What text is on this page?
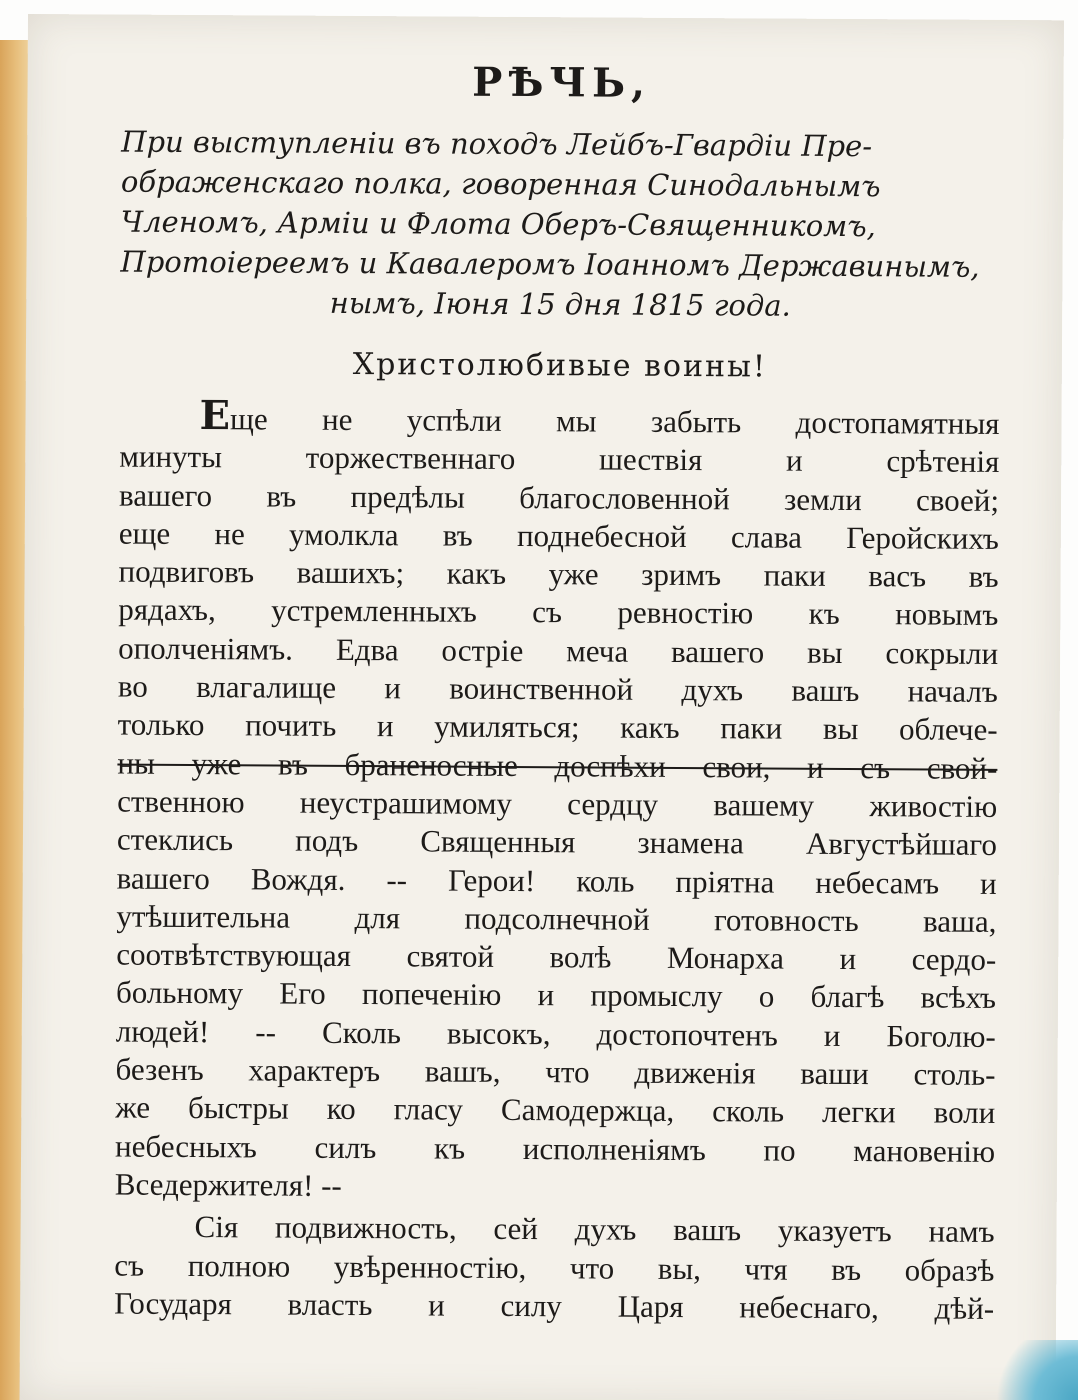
РѢЧЬ,
При выступленіи въ походъ Лейбъ-Гвардіи Пре-
ображенскаго полка, говоренная Синодальнымъ
Членомъ, Арміи и Флота Оберъ-Священникомъ,
Протоіереемъ и Кавалеромъ Іоанномъ Державинымъ,
нымъ, Іюня 15 дня 1815 года.
Христолюбивые воины!
Еще не успѣли мы забыть достопамятныя
минуты торжественнаго шествія и срѣтенія
вашего въ предѣлы благословенной земли своей;
еще не умолкла въ поднебесной слава Геройскихъ
подвиговъ вашихъ; какъ уже зримъ паки васъ въ
рядахъ, устремленныхъ съ ревностію къ новымъ
ополченіямъ. Едва остріе меча вашего вы сокрыли
во влагалище и воинственной духъ вашъ началъ
только почить и умиляться; какъ паки вы облече-
ны уже въ браненосные доспѣхи свои, и съ свой-
ственною неустрашимому сердцу вашему живостію
стеклись подъ Священныя знамена Августѣйшаго
вашего Вождя. -- Герои! коль пріятна небесамъ и
утѣшительна для подсолнечной готовность ваша,
соотвѣтствующая святой волѣ Монарха и сердо-
больному Его попеченію и промыслу о благѣ всѣхъ
людей! -- Сколь высокъ, достопочтенъ и Боголю-
безенъ характеръ вашъ, что движенія ваши столь-
же быстры ко гласу Самодержца, сколь легки воли
небесныхъ силъ къ исполненіямъ по мановенію
Вседержителя! --
Сія подвижность, сей духъ вашъ указуетъ намъ
съ полною увѣренностію, что вы, чтя въ образѣ
Государя власть и силу Царя небеснаго, дѣй-
